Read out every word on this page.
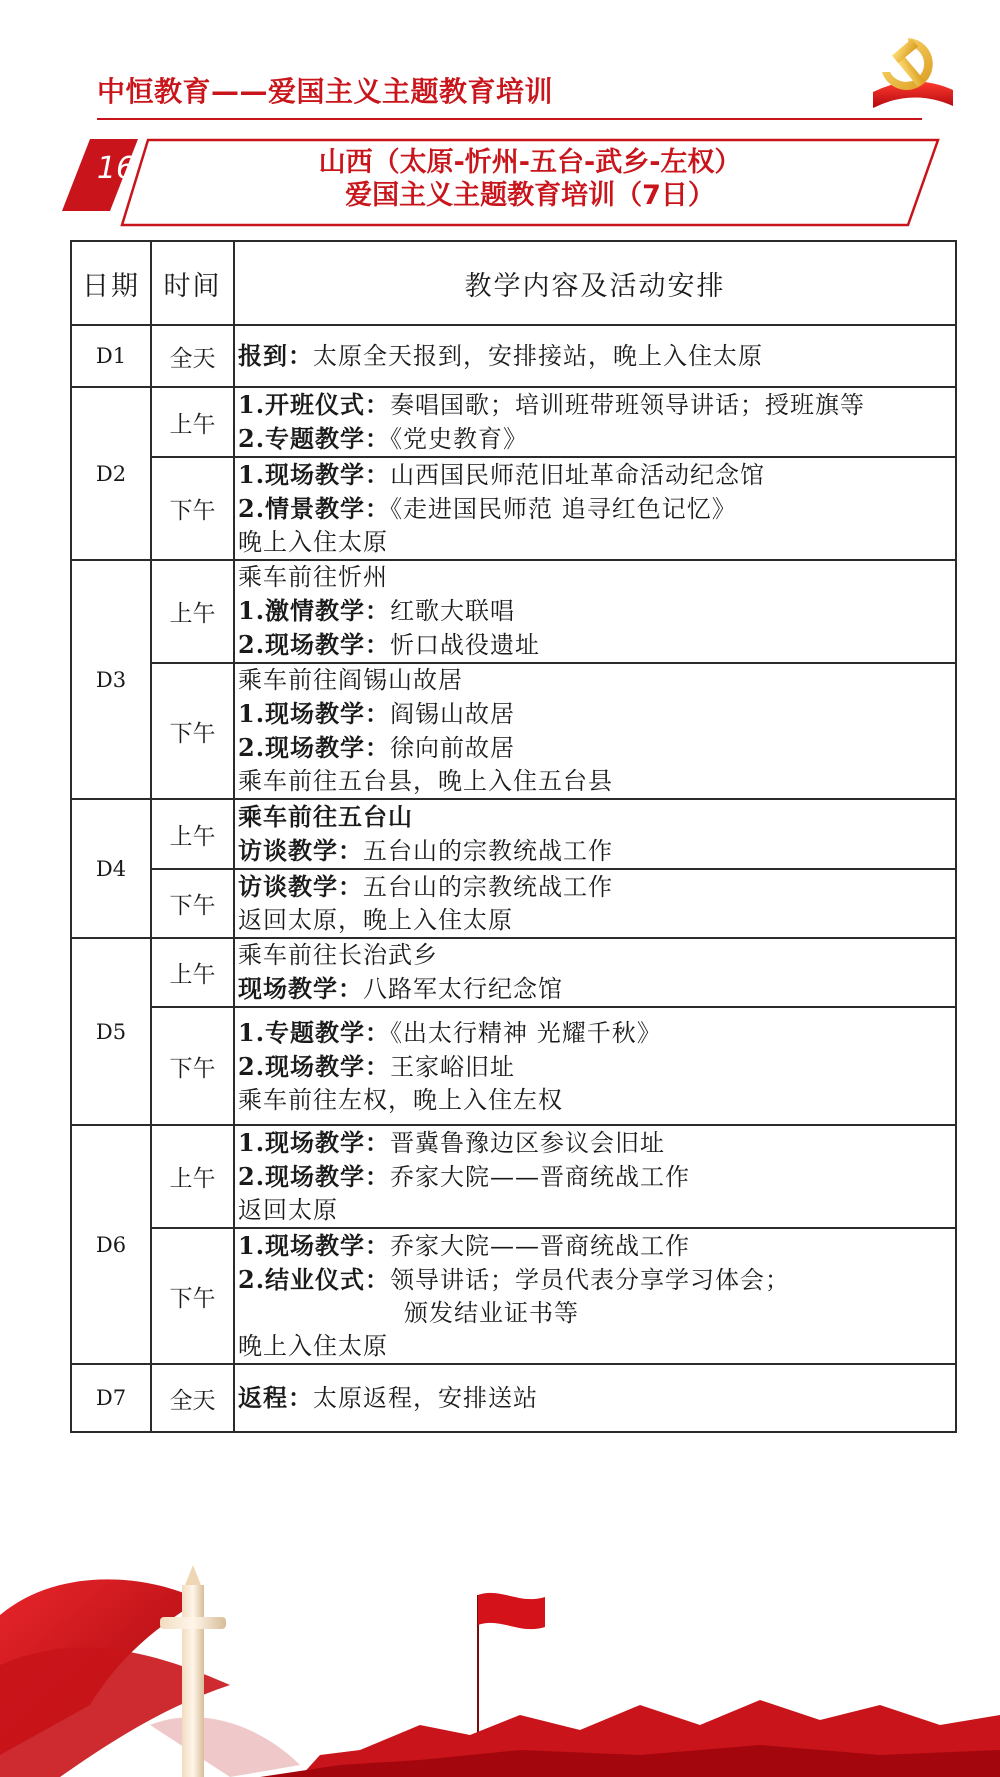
中恒教育——爱国主义主题教育培训
16	山西（太原-忻州-五台-武乡-左权）
爱国主义主题教育培训（7日）
日期	时间	教学内容及活动安排
D1	全天	报到：太原全天报到，安排接站，晚上入住太原

D2	上午	1.开班仪式：奏唱国歌；培训班带班领导讲话；授班旗等
2.专题教学：《党史教育》

	下午	1.现场教学：山西国民师范旧址革命活动纪念馆
2.情景教学：《走进国民师范 追寻红色记忆》
晚上入住太原

D3	上午	乘车前往忻州
1.激情教学：红歌大联唱
2.现场教学：忻口战役遗址

	下午	乘车前往阎锡山故居
1.现场教学：阎锡山故居
2.现场教学：徐向前故居
乘车前往五台县，晚上入住五台县

D4	上午	乘车前往五台山
访谈教学：五台山的宗教统战工作

	下午	访谈教学：五台山的宗教统战工作
返回太原，晚上入住太原

D5	上午	乘车前往长治武乡
现场教学：八路军太行纪念馆

	下午	1.专题教学：《出太行精神 光耀千秋》
2.现场教学：王家峪旧址
乘车前往左权，晚上入住左权

D6	上午	1.现场教学：晋冀鲁豫边区参议会旧址
2.现场教学：乔家大院——晋商统战工作
返回太原

	下午	1.现场教学：乔家大院——晋商统战工作
2.结业仪式：领导讲话；学员代表分享学习体会；
颁发结业证书等
晚上入住太原

D7	全天	返程：太原返程，安排送站
